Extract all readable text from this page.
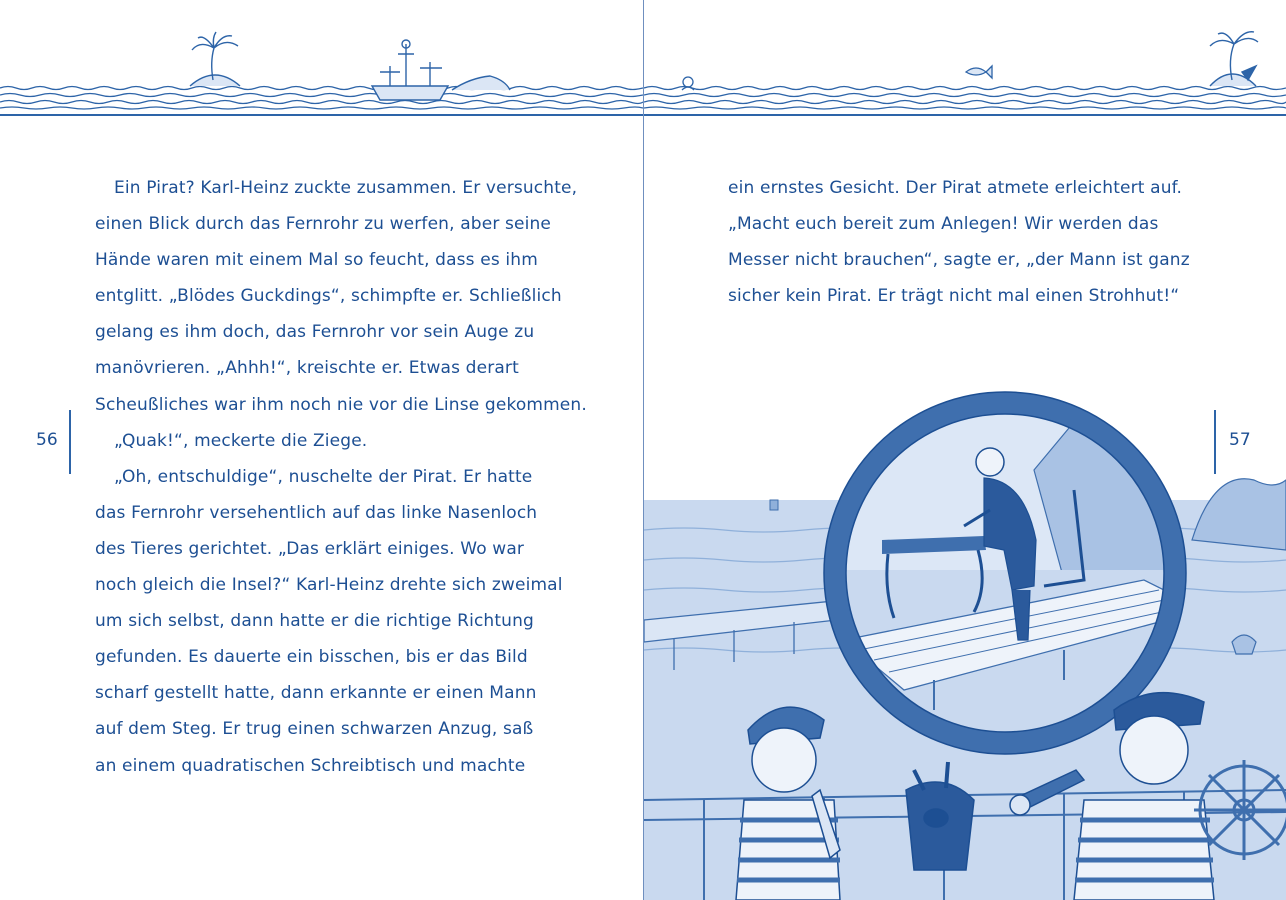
Ein Pirat? Karl-Heinz zuckte zusammen. Er versuchte,
einen Blick durch das Fernrohr zu werfen, aber seine
Hände waren mit einem Mal so feucht, dass es ihm
entglitt. „Blödes Guckdings“, schimpfte er. Schließlich
gelang es ihm doch, das Fernrohr vor sein Auge zu
manövrieren. „Ahhh!“, kreischte er. Etwas derart
Scheußliches war ihm noch nie vor die Linse gekommen.
„Quak!“, meckerte die Ziege.
„Oh, entschuldige“, nuschelte der Pirat. Er hatte
das Fernrohr versehentlich auf das linke Nasenloch
des Tieres gerichtet. „Das erklärt einiges. Wo war
noch gleich die Insel?“ Karl-Heinz drehte sich zweimal
um sich selbst, dann hatte er die richtige Richtung
gefunden. Es dauerte ein bisschen, bis er das Bild
scharf gestellt hatte, dann erkannte er einen Mann
auf dem Steg. Er trug einen schwarzen Anzug, saß
an einem quadratischen Schreibtisch und machte
56
ein ernstes Gesicht. Der Pirat atmete erleichtert auf.
„Macht euch bereit zum Anlegen! Wir werden das
Messer nicht brauchen“, sagte er, „der Mann ist ganz
sicher kein Pirat. Er trägt nicht mal einen Strohhut!“
57
